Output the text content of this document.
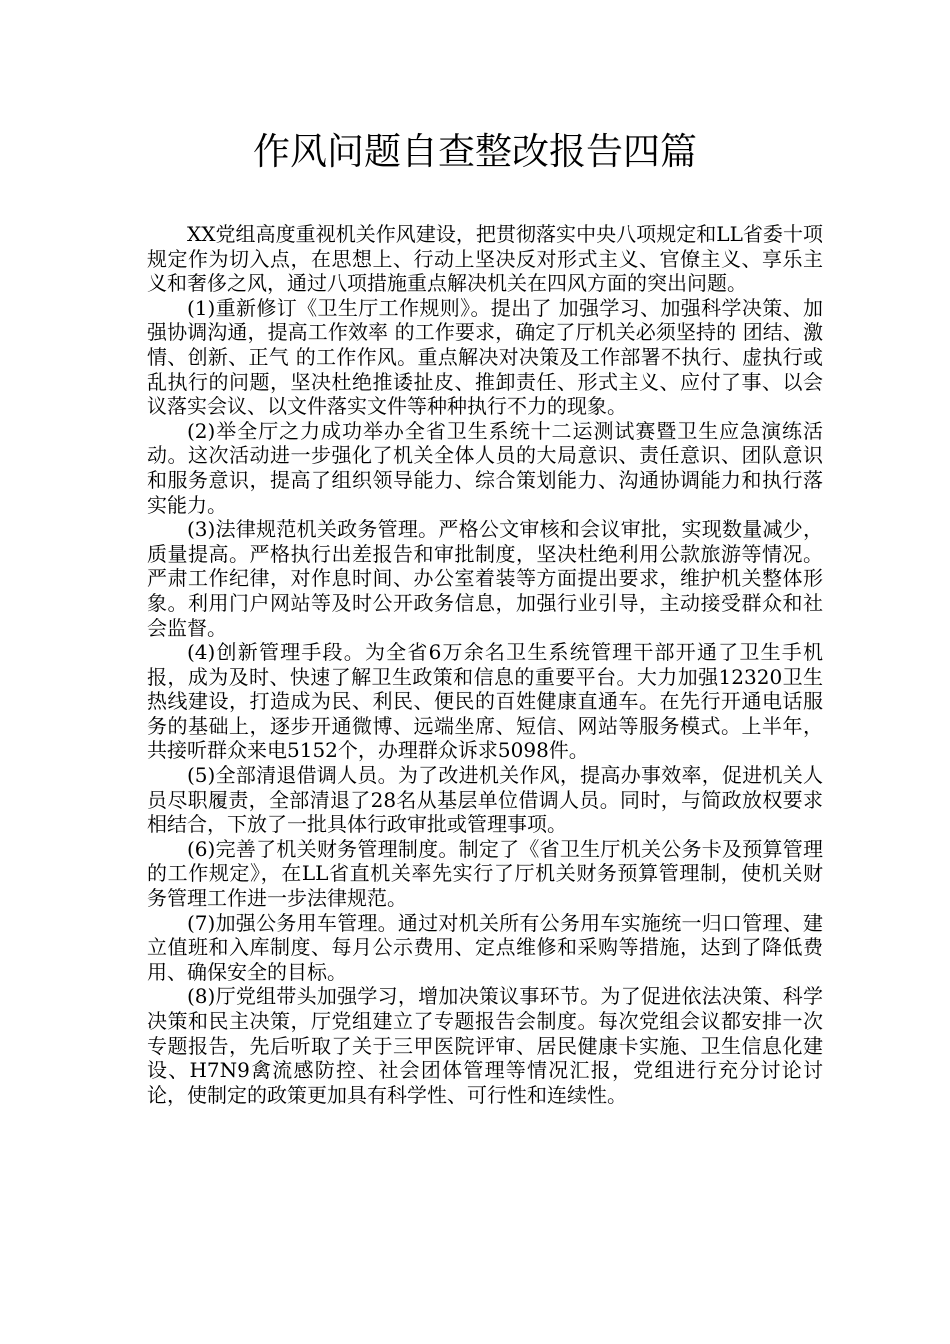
作风问题自查整改报告四篇

XX党组高度重视机关作风建设，把贯彻落实中央八项规定和LL省委十项规定作为切入点，在思想上、行动上坚决反对形式主义、官僚主义、享乐主义和奢侈之风，通过八项措施重点解决机关在四风方面的突出问题。

(1)重新修订《卫生厅工作规则》。提出了 加强学习、加强科学决策、加强协调沟通，提高工作效率 的工作要求，确定了厅机关必须坚持的 团结、激情、创新、正气 的工作作风。重点解决对决策及工作部署不执行、虚执行或乱执行的问题，坚决杜绝推诿扯皮、推卸责任、形式主义、应付了事、以会议落实会议、以文件落实文件等种种执行不力的现象。

(2)举全厅之力成功举办全省卫生系统十二运测试赛暨卫生应急演练活动。这次活动进一步强化了机关全体人员的大局意识、责任意识、团队意识和服务意识，提高了组织领导能力、综合策划能力、沟通协调能力和执行落实能力。

(3)法律规范机关政务管理。严格公文审核和会议审批，实现数量减少，质量提高。严格执行出差报告和审批制度，坚决杜绝利用公款旅游等情况。严肃工作纪律，对作息时间、办公室着装等方面提出要求，维护机关整体形象。利用门户网站等及时公开政务信息，加强行业引导，主动接受群众和社会监督。

(4)创新管理手段。为全省6万余名卫生系统管理干部开通了卫生手机报，成为及时、快速了解卫生政策和信息的重要平台。大力加强12320卫生热线建设，打造成为民、利民、便民的百姓健康直通车。在先行开通电话服务的基础上，逐步开通微博、远端坐席、短信、网站等服务模式。上半年，共接听群众来电5152个，办理群众诉求5098件。

(5)全部清退借调人员。为了改进机关作风，提高办事效率，促进机关人员尽职履责，全部清退了28名从基层单位借调人员。同时，与简政放权要求相结合，下放了一批具体行政审批或管理事项。

(6)完善了机关财务管理制度。制定了《省卫生厅机关公务卡及预算管理的工作规定》，在LL省直机关率先实行了厅机关财务预算管理制，使机关财务管理工作进一步法律规范。

(7)加强公务用车管理。通过对机关所有公务用车实施统一归口管理、建立值班和入库制度、每月公示费用、定点维修和采购等措施，达到了降低费用、确保安全的目标。

(8)厅党组带头加强学习，增加决策议事环节。为了促进依法决策、科学决策和民主决策，厅党组建立了专题报告会制度。每次党组会议都安排一次专题报告，先后听取了关于三甲医院评审、居民健康卡实施、卫生信息化建设、H7N9禽流感防控、社会团体管理等情况汇报，党组进行充分讨论讨论，使制定的政策更加具有科学性、可行性和连续性。
